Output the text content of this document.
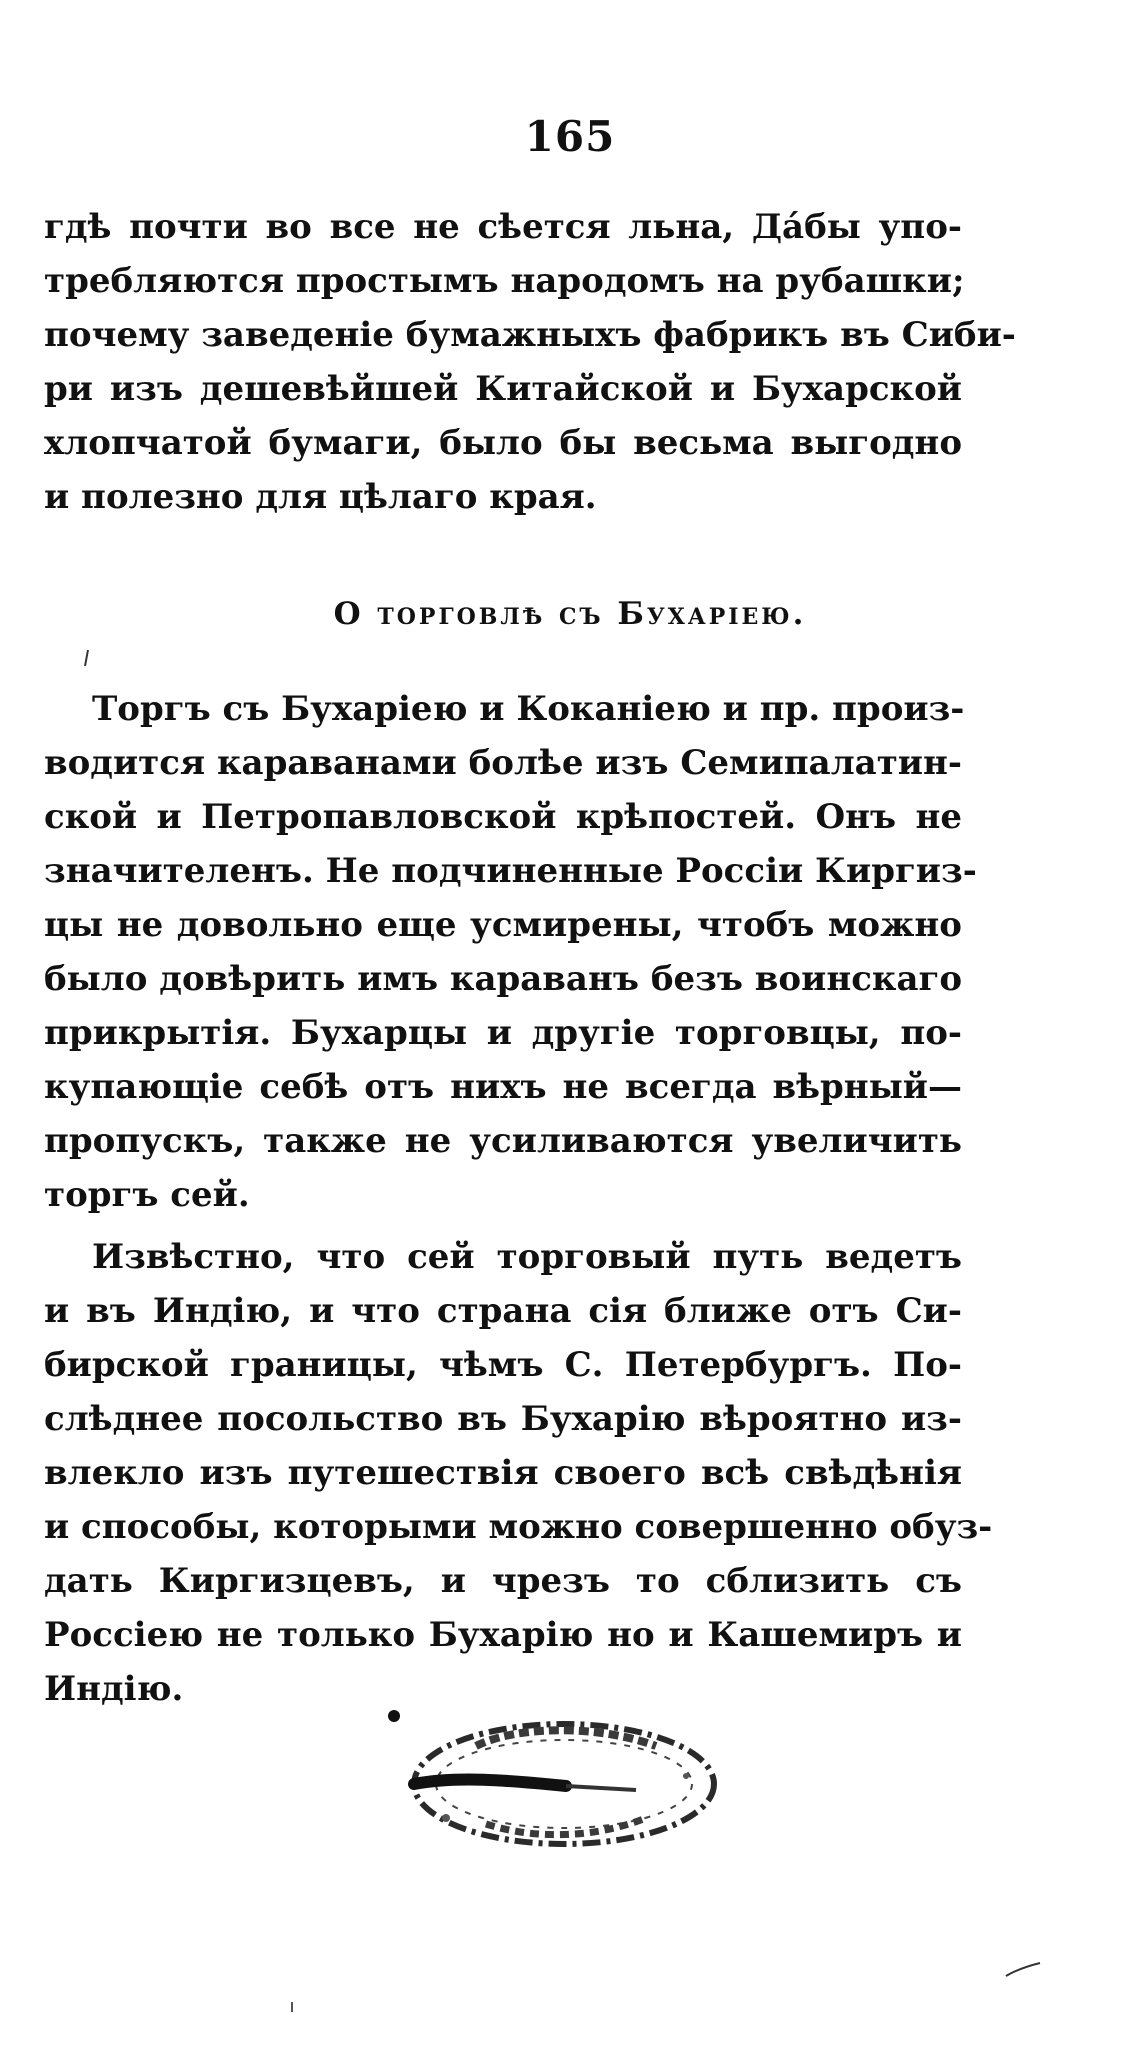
165
гдѣ почти во все не сѣется льна, Дáбы упо-
требляются простымъ народомъ на рубашки;
почему заведеніе бумажныхъ фабрикъ въ Сиби-
ри изъ дешевѣйшей Китайской и Бухарской
хлопчатой бумаги, было бы весьма выгодно
и полезно для цѣлаго края.
О торговлѣ съ Бухаріею.
Торгъ съ Бухаріею и Коканіею и пр. произ-
водится караванами болѣе изъ Семипалатин-
ской и Петропавловской крѣпостей. Онъ не
значителенъ. Не подчиненные Россіи Киргиз-
цы не довольно еще усмирены, чтобъ можно
было довѣрить имъ караванъ безъ воинскаго
прикрытія. Бухарцы и другіе торговцы, по-
купающіе себѣ отъ нихъ не всегда вѣрный—
пропускъ, также не усиливаются увеличить
торгъ сей.
Извѣстно, что сей торговый путь ведетъ
и въ Индію, и что страна сія ближе отъ Си-
бирской границы, чѣмъ С. Петербургъ. По-
слѣднее посольство въ Бухарію вѣроятно из-
влекло изъ путешествія своего всѣ свѣдѣнія
и способы, которыми можно совершенно обуз-
дать Киргизцевъ, и чрезъ то сблизить съ
Россіею не только Бухарію но и Кашемиръ и
Индію.
